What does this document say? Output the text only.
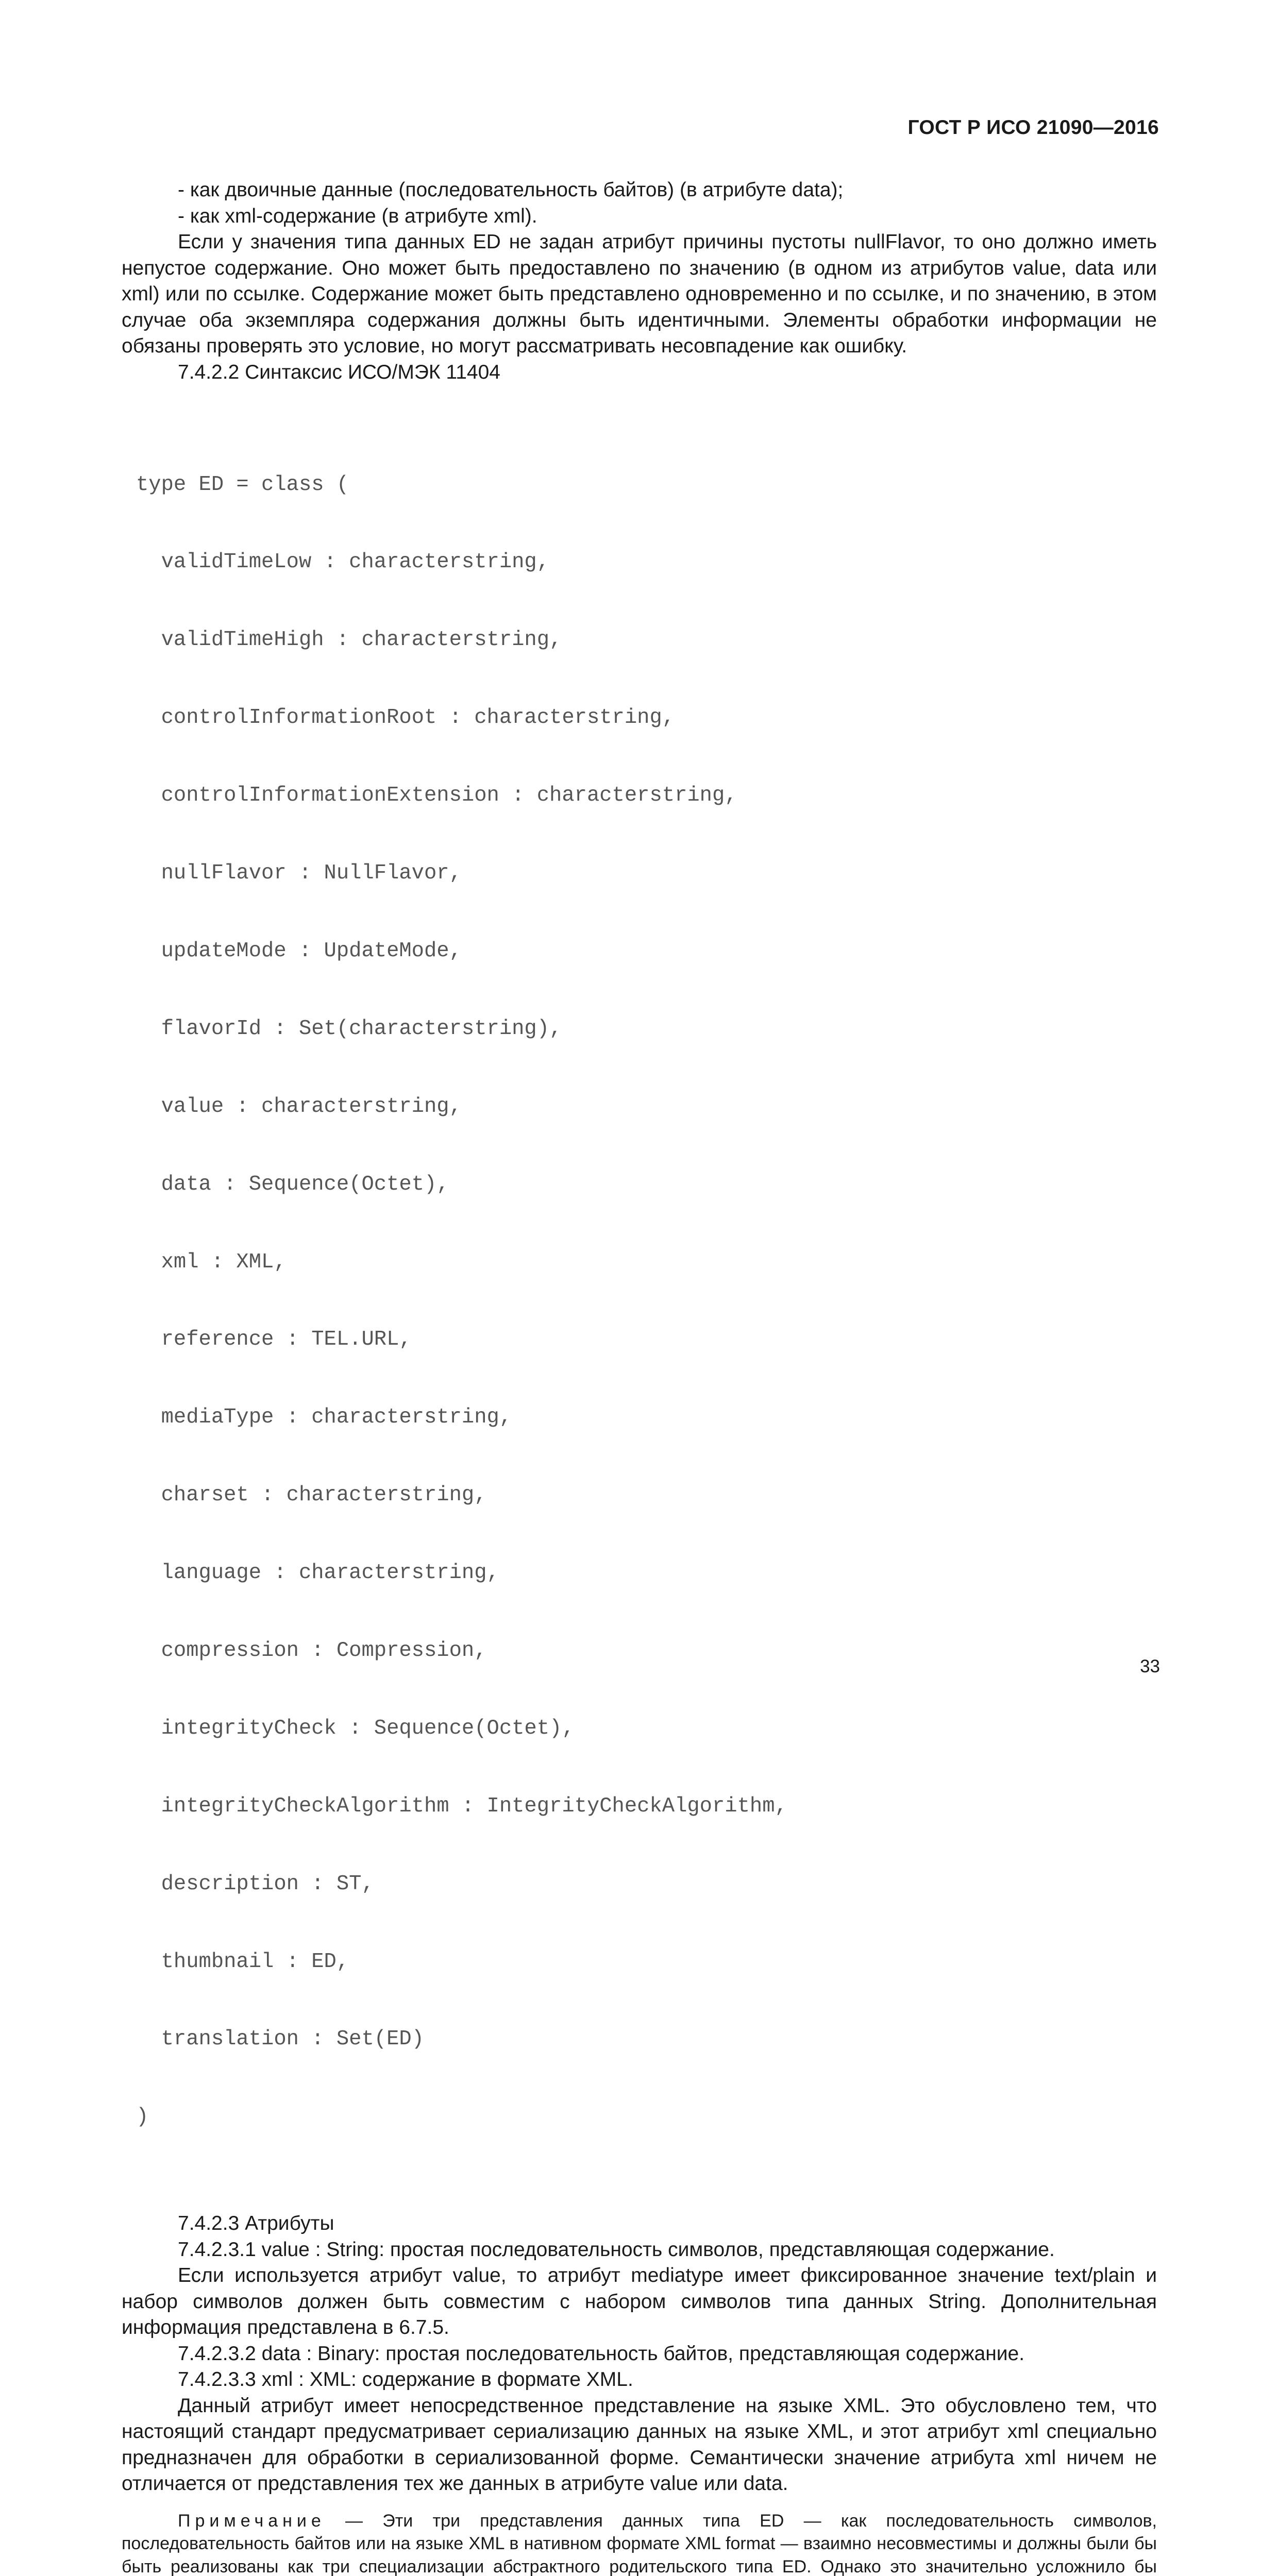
ГОСТ Р ИСО 21090—2016

- как двоичные данные (последовательность байтов) (в атрибуте data);

- как xml-содержание (в атрибуте xml).

Если у значения типа данных ED не задан атрибут причины пустоты nullFlavor, то оно должно иметь непустое содержание. Оно может быть предоставлено по значению (в одном из атрибутов value, data или xml) или по ссылке. Содержание может быть представлено одновременно и по ссылке, и по значению, в этом случае оба экземпляра содержания должны быть идентичными. Элементы обработки информации не обязаны проверять это условие, но могут рассматривать несовпадение как ошибку.

7.4.2.2 Синтаксис ИСО/МЭК 11404

type ED = class (

validTimeLow : characterstring,

validTimeHigh : characterstring,

controlInformationRoot : characterstring,

controlInformationExtension : characterstring,

nullFlavor : NullFlavor,

updateMode : UpdateMode,

flavorId : Set(characterstring),

value : characterstring,

data : Sequence(Octet),

xml : XML,

reference : TEL.URL,

mediaType : characterstring,

charset : characterstring,

language : characterstring,

compression : Compression,

integrityCheck : Sequence(Octet),

integrityCheckAlgorithm : IntegrityCheckAlgorithm,

description : ST,

thumbnail : ED,

translation : Set(ED)

)

7.4.2.3 Атрибуты

7.4.2.3.1 value : String: простая последовательность символов, представляющая содержание.

Если используется атрибут value, то атрибут mediatype имеет фиксированное значение text/plain и набор символов должен быть совместим с набором символов типа данных String. Дополнительная информация представлена в 6.7.5.

7.4.2.3.2 data : Binary: простая последовательность байтов, представляющая содержание.

7.4.2.3.3 xml : XML: содержание в формате XML.

Данный атрибут имеет непосредственное представление на языке XML. Это обусловлено тем, что настоящий стандарт предусматривает сериализацию данных на языке XML, и этот атрибут xml специально предназначен для обработки в сериализованной форме. Семантически значение атрибута xml ничем не отличается от представления тех же данных в атрибуте value или data.

Примечание — Эти три представления данных типа ED — как последовательность символов, последовательность байтов или на языке XML в нативном формате XML format — взаимно несовместимы и должны были бы быть реализованы как три специализации абстрактного родительского типа ED. Однако это значительно усложнило бы

33
